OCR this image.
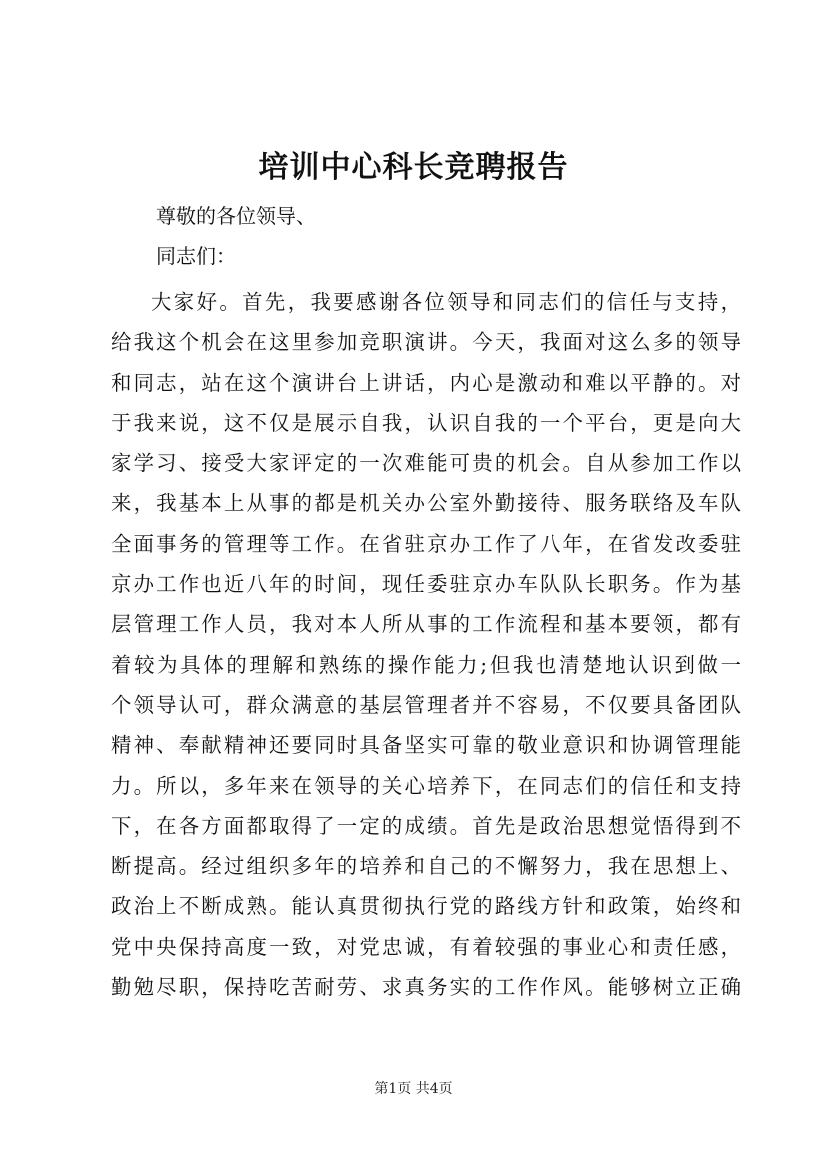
培训中心科长竞聘报告
尊敬的各位领导、
同志们：
大家好。首先，我要感谢各位领导和同志们的信任与支持，
给我这个机会在这里参加竞职演讲。今天，我面对这么多的领导
和同志，站在这个演讲台上讲话，内心是激动和难以平静的。对
于我来说，这不仅是展示自我，认识自我的一个平台，更是向大
家学习、接受大家评定的一次难能可贵的机会。自从参加工作以
来，我基本上从事的都是机关办公室外勤接待、服务联络及车队
全面事务的管理等工作。在省驻京办工作了八年，在省发改委驻
京办工作也近八年的时间，现任委驻京办车队队长职务。作为基
层管理工作人员，我对本人所从事的工作流程和基本要领，都有
着较为具体的理解和熟练的操作能力;但我也清楚地认识到做一
个领导认可，群众满意的基层管理者并不容易，不仅要具备团队
精神、奉献精神还要同时具备坚实可靠的敬业意识和协调管理能
力。所以，多年来在领导的关心培养下，在同志们的信任和支持
下，在各方面都取得了一定的成绩。首先是政治思想觉悟得到不
断提高。经过组织多年的培养和自己的不懈努力，我在思想上、
政治上不断成熟。能认真贯彻执行党的路线方针和政策，始终和
党中央保持高度一致，对党忠诚，有着较强的事业心和责任感，
勤勉尽职，保持吃苦耐劳、求真务实的工作作风。能够树立正确
第1页 共4页
